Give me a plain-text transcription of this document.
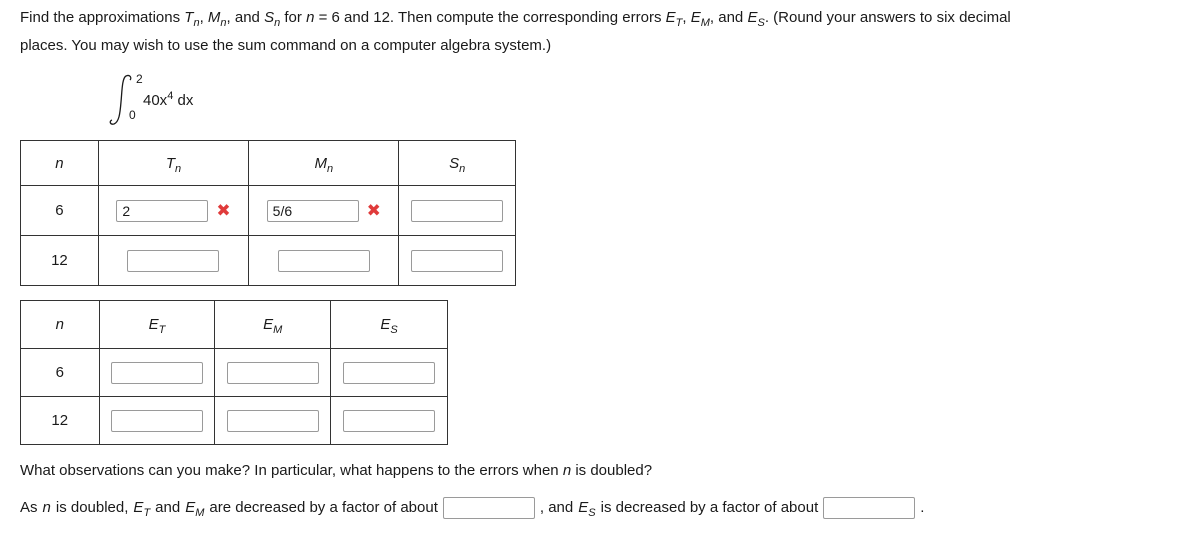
Find the approximations $T_n$, $M_n$, and $S_n$ for n = 6 and 12. Then compute the corresponding errors $E_T$, $E_M$, and $E_S$. (Round your answers to six decimal
places. You may wish to use the sum command on a computer algebra system.)
2
0
$40x^4$ dx
n	$T_n$	$M_n$	$S_n$
6	2 ✖	5/6 ✖	

12			
n	$E_T$	$E_M$	$E_S$
6			
12			
What observations can you make? In particular, what happens to the errors when n is doubled?
As n is doubled, $E_T$ and $E_M$ are decreased by a factor of about	, and $E_S$ is decreased by a factor of about	.
